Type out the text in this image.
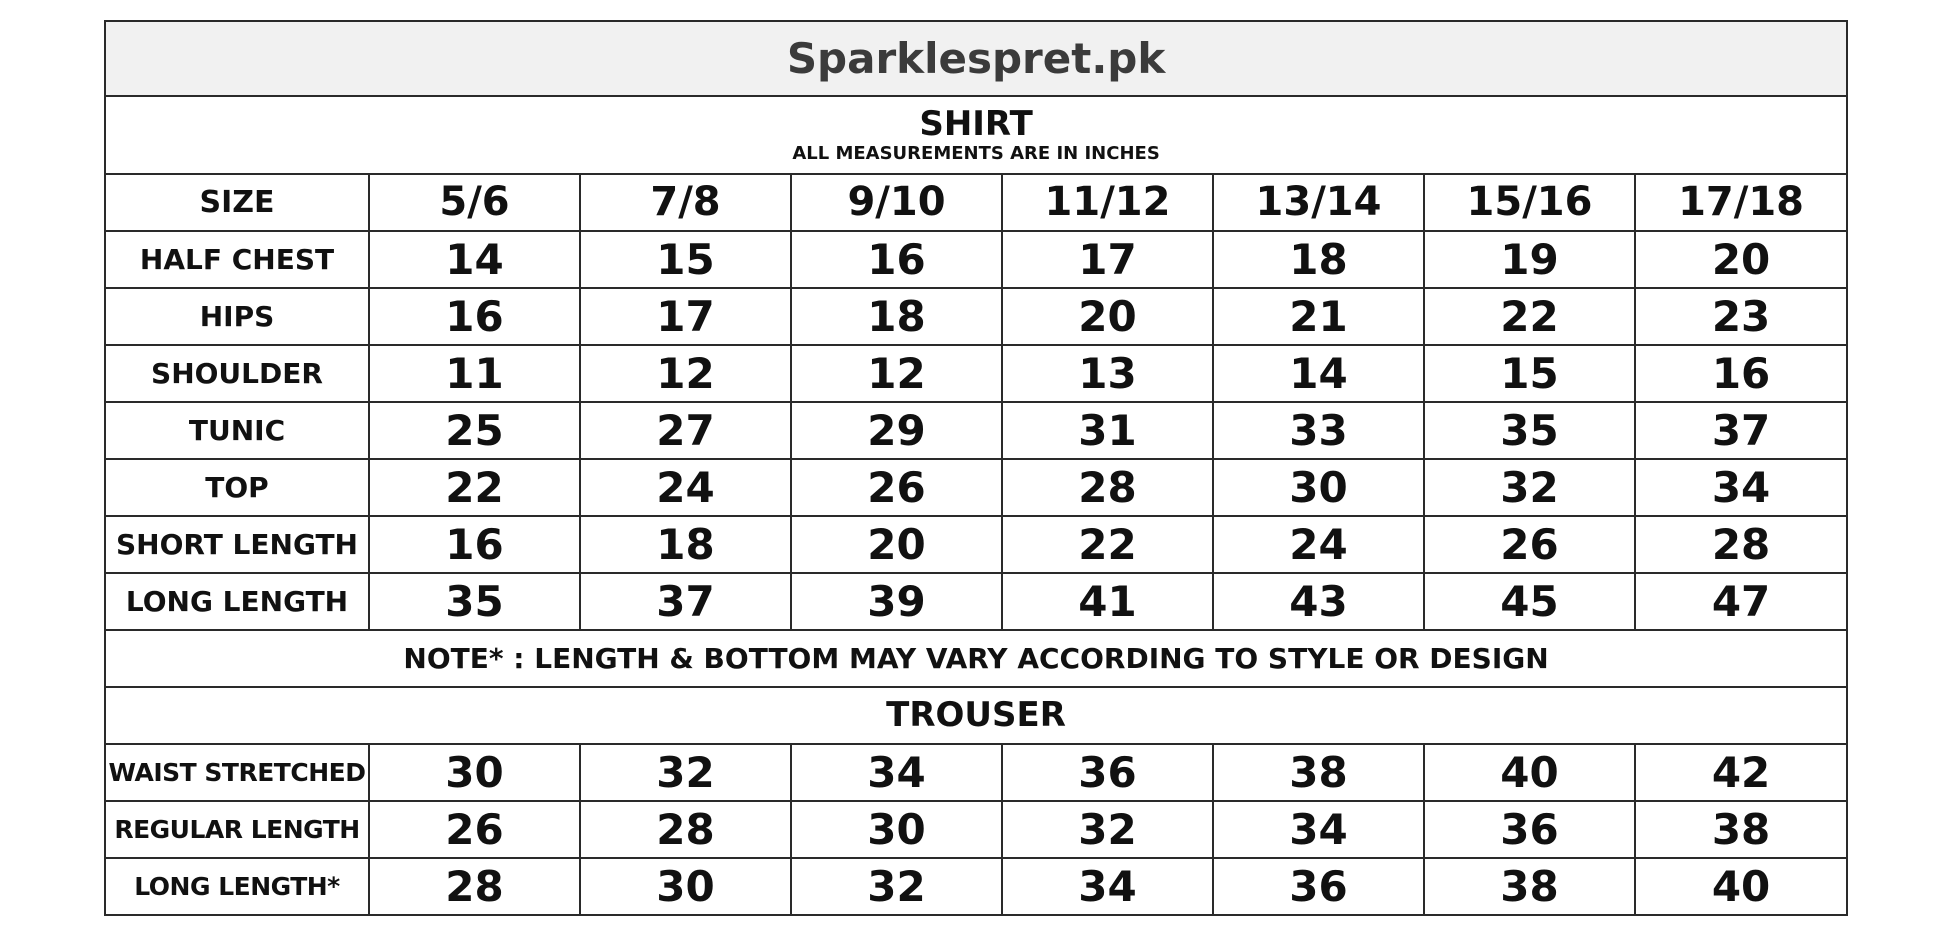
Sparklespret.pk							

SHIRT
ALL MEASUREMENTS ARE IN INCHES							

SIZE	5/6	7/8	9/10	11/12	13/14	15/16	17/18
HALF CHEST	14	15	16	17	18	19	20
HIPS	16	17	18	20	21	22	23
SHOULDER	11	12	12	13	14	15	16
TUNIC	25	27	29	31	33	35	37
TOP	22	24	26	28	30	32	34
SHORT LENGTH	16	18	20	22	24	26	28
LONG LENGTH	35	37	39	41	43	45	47
NOTE* : LENGTH & BOTTOM MAY VARY ACCORDING TO STYLE OR DESIGN							
TROUSER							
WAIST STRETCHED	30	32	34	36	38	40	42
REGULAR LENGTH	26	28	30	32	34	36	38
LONG LENGTH*	28	30	32	34	36	38	40
